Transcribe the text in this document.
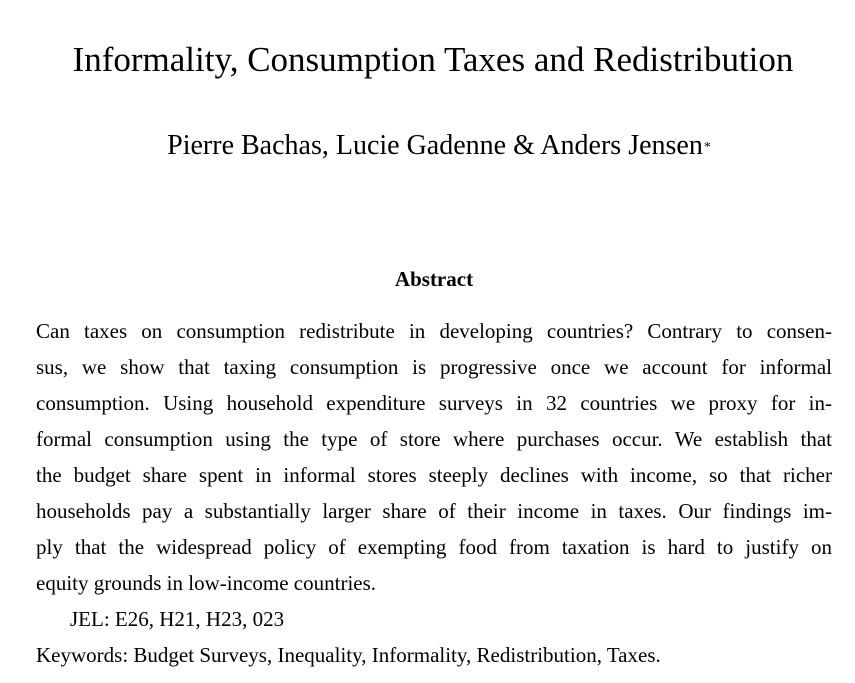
Informality, Consumption Taxes and Redistribution
Pierre Bachas, Lucie Gadenne & Anders Jensen*
Abstract
Can taxes on consumption redistribute in developing countries? Contrary to consen-
sus, we show that taxing consumption is progressive once we account for informal
consumption. Using household expenditure surveys in 32 countries we proxy for in-
formal consumption using the type of store where purchases occur. We establish that
the budget share spent in informal stores steeply declines with income, so that richer
households pay a substantially larger share of their income in taxes. Our findings im-
ply that the widespread policy of exempting food from taxation is hard to justify on
equity grounds in low-income countries.
JEL: E26, H21, H23, 023
Keywords: Budget Surveys, Inequality, Informality, Redistribution, Taxes.
